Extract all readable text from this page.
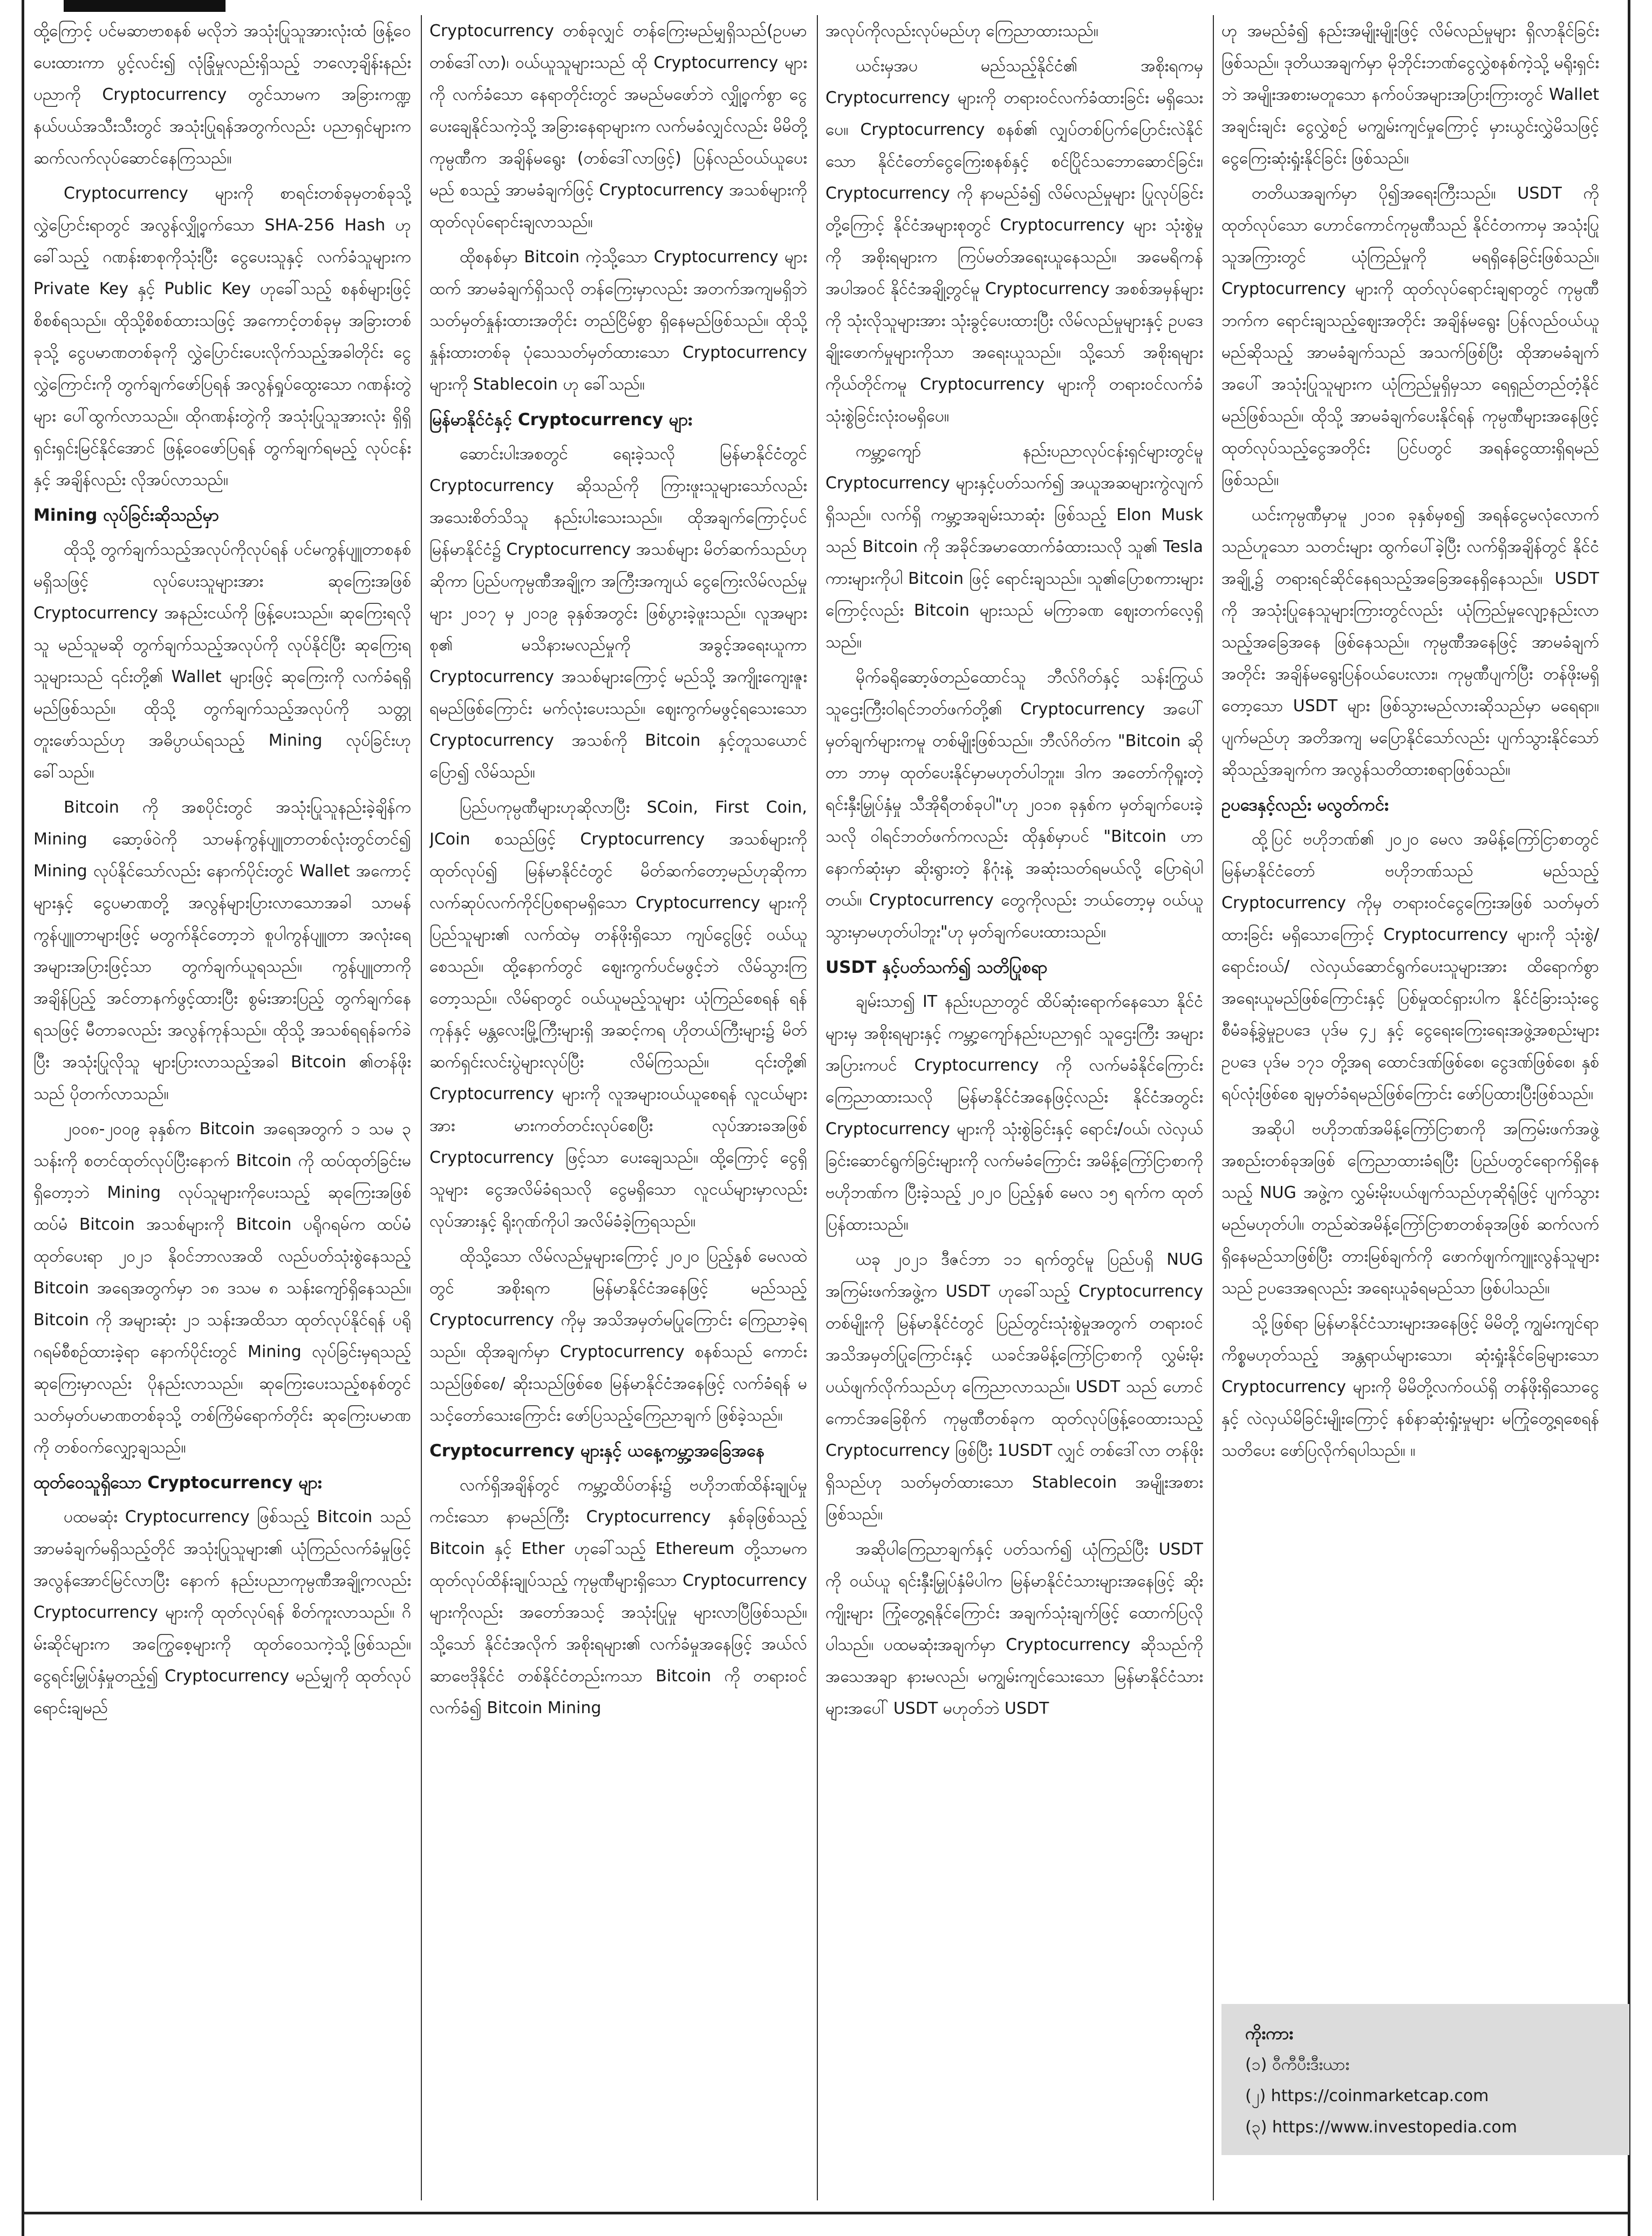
ထို့ကြောင့် ပင်မဆာဗာစနစ် မလိုဘဲ အသုံးပြုသူအားလုံးထံ ဖြန့်ဝေပေးထားကာ ပွင့်လင်း၍ လုံခြုံမှုလည်းရှိသည့် ဘလော့ချိန်းနည်းပညာကို Cryptocurrency တွင်သာမက အခြားကဏ္ဍနယ်ပယ်အသီးသီးတွင် အသုံးပြုရန်အတွက်လည်း ပညာရှင်များက ဆက်လက်လုပ်ဆောင်နေကြသည်။

Cryptocurrency များကို စာရင်းတစ်ခုမှတစ်ခုသို့ လွှဲပြောင်းရာတွင် အလွန်လျှို့ဝှက်သော SHA-256 Hash ဟုခေါ်သည့် ဂဏန်းစာစုကိုသုံးပြီး ငွေပေးသူနှင့် လက်ခံသူများက Private Key နှင့် Public Key ဟုခေါ်သည့် စနစ်များဖြင့် စိစစ်ရသည်။ ထိုသို့စိစစ်ထားသဖြင့် အကောင့်တစ်ခုမှ အခြားတစ်ခုသို့ ငွေပမာဏတစ်ခုကို လွှဲပြောင်းပေးလိုက်သည့်အခါတိုင်း ငွေလွှဲကြောင်းကို တွက်ချက်ဖော်ပြရန် အလွန်ရှုပ်ထွေးသော ဂဏန်းတွဲများ ပေါ်ထွက်လာသည်။ ထိုဂဏန်းတွဲကို အသုံးပြုသူအားလုံး ရှိရှိရှင်းရှင်းမြင်နိုင်အောင် ဖြန့်ဝေဖော်ပြရန် တွက်ချက်ရမည့် လုပ်ငန်းနှင့် အချိန်လည်း လိုအပ်လာသည်။

Mining လုပ်ခြင်းဆိုသည်မှာ

ထိုသို့ တွက်ချက်သည့်အလုပ်ကိုလုပ်ရန် ပင်မကွန်ပျူတာစနစ်မရှိသဖြင့် လုပ်ပေးသူများအား ဆုကြေးအဖြစ် Cryptocurrency အနည်းငယ်ကို ဖြန့်ပေးသည်။ ဆုကြေးရလိုသူ မည်သူမဆို တွက်ချက်သည့်အလုပ်ကို လုပ်နိုင်ပြီး ဆုကြေးရသူများသည် ၎င်းတို့၏ Wallet များဖြင့် ဆုကြေးကို လက်ခံရရှိမည်ဖြစ်သည်။ ထိုသို့ တွက်ချက်သည့်အလုပ်ကို သတ္တုတူးဖော်သည်ဟု အဓိပ္ပာယ်ရသည့် Mining လုပ်ခြင်းဟု ခေါ်သည်။

Bitcoin ကို အစပိုင်းတွင် အသုံးပြုသူနည်းခဲ့ချိန်က Mining ဆော့ဖ်ဝဲကို သာမန်ကွန်ပျူတာတစ်လုံးတွင်တင်၍ Mining လုပ်နိုင်သော်လည်း နောက်ပိုင်းတွင် Wallet အကောင့်များနှင့် ငွေပမာဏတို့ အလွန်များပြားလာသောအခါ သာမန်ကွန်ပျူတာများဖြင့် မတွက်နိုင်တော့ဘဲ စူပါကွန်ပျူတာ အလုံးရေ အများအပြားဖြင့်သာ တွက်ချက်ယူရသည်။ ကွန်ပျူတာကို အချိန်ပြည့် အင်တာနက်ဖွင့်ထားပြီး စွမ်းအားပြည့် တွက်ချက်နေရသဖြင့် မီတာခလည်း အလွန်ကုန်သည်။ ထိုသို့ အသစ်ရရန်ခက်ခဲပြီး အသုံးပြုလိုသူ များပြားလာသည့်အခါ Bitcoin ၏တန်ဖိုးသည် ပိုတက်လာသည်။

၂၀၀၈-၂၀၀၉ ခုနှစ်က Bitcoin အရေအတွက် ၁ သမ ၃ သန်းကို စတင်ထုတ်လုပ်ပြီးနောက် Bitcoin ကို ထပ်ထုတ်ခြင်းမရှိတော့ဘဲ Mining လုပ်သူများကိုပေးသည့် ဆုကြေးအဖြစ် ထပ်မံ Bitcoin အသစ်များကို Bitcoin ပရိုဂရမ်က ထပ်မံထုတ်ပေးရာ ၂၀၂၁ နိုဝင်ဘာလအထိ လည်ပတ်သုံးစွဲနေသည့် Bitcoin အရေအတွက်မှာ ၁၈ ဒသမ ၈ သန်းကျော်ရှိနေသည်။ Bitcoin ကို အများဆုံး ၂၁ သန်းအထိသာ ထုတ်လုပ်နိုင်ရန် ပရိုဂရမ်စီစဉ်ထားခဲ့ရာ နောက်ပိုင်းတွင် Mining လုပ်ခြင်းမှရသည့် ဆုကြေးမှာလည်း ပိုနည်းလာသည်။ ဆုကြေးပေးသည့်စနစ်တွင် သတ်မှတ်ပမာဏတစ်ခုသို့ တစ်ကြိမ်ရောက်တိုင်း ဆုကြေးပမာဏကို တစ်ဝက်လျှော့ချသည်။

ထုတ်ဝေသူရှိသော Cryptocurrency များ

ပထမဆုံး Cryptocurrency ဖြစ်သည့် Bitcoin သည် အာမခံချက်မရှိသည့်တိုင် အသုံးပြုသူများ၏ ယုံကြည်လက်ခံမှုဖြင့် အလွန်အောင်မြင်လာပြီး နောက် နည်းပညာကုမ္ပဏီအချို့ကလည်း Cryptocurrency များကို ထုတ်လုပ်ရန် စိတ်ကူးလာသည်။ ဂိမ်းဆိုင်များက အကြွေစေ့များကို ထုတ်ဝေသကဲ့သို့ဖြစ်သည်။ ငွေရင်းမြှုပ်နှံမှုတည့်၍ Cryptocurrency မည်မျှကို ထုတ်လုပ်ရောင်းချမည်

Cryptocurrency တစ်ခုလျှင် တန်ကြေးမည်မျှရှိသည်(ဥပမာ တစ်ဒေါ်လာ)၊ ဝယ်ယူသူများသည် ထို Cryptocurrency များကို လက်ခံသော နေရာတိုင်းတွင် အမည်မဖော်ဘဲ လျှို့ဝှက်စွာ ငွေပေးချေနိုင်သကဲ့သို့ အခြားနေရာများက လက်မခံလျှင်လည်း မိမိတို့ကုမ္ပဏီက အချိန်မရွေး (တစ်ဒေါ်လာဖြင့်) ပြန်လည်ဝယ်ယူပေးမည် စသည့် အာမခံချက်ဖြင့် Cryptocurrency အသစ်များကို ထုတ်လုပ်ရောင်းချလာသည်။

ထိုစနစ်မှာ Bitcoin ကဲ့သို့သော Cryptocurrency များထက် အာမခံချက်ရှိသလို တန်ကြေးမှာလည်း အတက်အကျမရှိဘဲ သတ်မှတ်နှုန်းထားအတိုင်း တည်ငြိမ်စွာ ရှိနေမည်ဖြစ်သည်။ ထိုသို့ နှုန်းထားတစ်ခု ပုံသေသတ်မှတ်ထားသော Cryptocurrency များကို Stablecoin ဟု ခေါ်သည်။

မြန်မာနိုင်ငံနှင့် Cryptocurrency များ

ဆောင်းပါးအစတွင် ရေးခဲ့သလို မြန်မာနိုင်ငံတွင် Cryptocurrency ဆိုသည်ကို ကြားဖူးသူများသော်လည်း အသေးစိတ်သိသူ နည်းပါးသေးသည်။ ထိုအချက်ကြောင့်ပင် မြန်မာနိုင်ငံ၌ Cryptocurrency အသစ်များ မိတ်ဆက်သည်ဟုဆိုကာ ပြည်ပကုမ္ပဏီအချို့က အကြီးအကျယ် ငွေကြေးလိမ်လည်မှုများ ၂၀၁၇ မှ ၂၀၁၉ ခုနှစ်အတွင်း ဖြစ်ပွားခဲ့ဖူးသည်။ လူအများစု၏ မသိနားမလည်မှုကို အခွင့်အရေးယူကာ Cryptocurrency အသစ်များကြောင့် မည်သို့ အကျိုးကျေးဇူးရမည်ဖြစ်ကြောင်း မက်လုံးပေးသည်။ ဈေးကွက်မဖွင့်ရသေးသော Cryptocurrency အသစ်ကို Bitcoin နှင့်တူသယောင်ပြော၍ လိမ်သည်။

ပြည်ပကုမ္ပဏီများဟုဆိုလာပြီး SCoin, First Coin, JCoin စသည်ဖြင့် Cryptocurrency အသစ်များကို ထုတ်လုပ်၍ မြန်မာနိုင်ငံတွင် မိတ်ဆက်တော့မည်ဟုဆိုကာ လက်ဆုပ်လက်ကိုင်ပြစရာမရှိသော Cryptocurrency များကို ပြည်သူများ၏ လက်ထဲမှ တန်ဖိုးရှိသော ကျပ်ငွေဖြင့် ဝယ်ယူစေသည်။ ထို့နောက်တွင် ဈေးကွက်ပင်မဖွင့်ဘဲ လိမ်သွားကြတော့သည်။ လိမ်ရာတွင် ဝယ်ယူမည့်သူများ ယုံကြည်စေရန် ရန်ကုန်နှင့် မန္တလေးမြို့ကြီးများရှိ အဆင့်ကရ ဟိုတယ်ကြီးများ၌ မိတ်ဆက်ရှင်းလင်းပွဲများလုပ်ပြီး လိမ်ကြသည်။ ၎င်းတို့၏ Cryptocurrency များကို လူအများဝယ်ယူစေရန် လူငယ်များအား မားကတ်တင်းလုပ်စေပြီး လုပ်အားခအဖြစ် Cryptocurrency ဖြင့်သာ ပေးချေသည်။ ထို့ကြောင့် ငွေရှိသူများ ငွေအလိမ်ခံရသလို ငွေမရှိသော လူငယ်များမှာလည်း လုပ်အားနှင့် ရိုးဂုဏ်ကိုပါ အလိမ်ခံခဲ့ကြရသည်။

ထိုသို့သော လိမ်လည်မှုများကြောင့် ၂၀၂၀ ပြည့်နှစ် မေလထဲတွင် အစိုးရက မြန်မာနိုင်ငံအနေဖြင့် မည်သည့် Cryptocurrency ကိုမှ အသိအမှတ်မပြုကြောင်း ကြေညာခဲ့ရသည်။ ထိုအချက်မှာ Cryptocurrency စနစ်သည် ကောင်းသည်ဖြစ်စေ/ ဆိုးသည်ဖြစ်စေ မြန်မာနိုင်ငံအနေဖြင့် လက်ခံရန် မသင့်တော်သေးကြောင်း ဖော်ပြသည့်ကြေညာချက် ဖြစ်ခဲ့သည်။

Cryptocurrency များနှင့် ယနေ့ကမ္ဘာ့အခြေအနေ

လက်ရှိအချိန်တွင် ကမ္ဘာ့ထိပ်တန်း၌ ဗဟိုဘဏ်ထိန်းချုပ်မှုကင်းသော နာမည်ကြီး Cryptocurrency နှစ်ခုဖြစ်သည့် Bitcoin နှင့် Ether ဟုခေါ်သည့် Ethereum တို့သာမက ထုတ်လုပ်ထိန်းချုပ်သည့် ကုမ္ပဏီများရှိသော Cryptocurrency များကိုလည်း အတော်အသင့် အသုံးပြုမှု များလာပြီဖြစ်သည်။ သို့သော် နိုင်ငံအလိုက် အစိုးရများ၏ လက်ခံမှုအနေဖြင့် အယ်လ်ဆာဗေဒိုနိုင်ငံ တစ်နိုင်ငံတည်းကသာ Bitcoin ကို တရားဝင်လက်ခံ၍ Bitcoin Mining

အလုပ်ကိုလည်းလုပ်မည်ဟု ကြေညာထားသည်။

ယင်းမှအပ မည်သည့်နိုင်ငံ၏ အစိုးရကမှ Cryptocurrency များကို တရားဝင်လက်ခံထားခြင်း မရှိသေးပေ။ Cryptocurrency စနစ်၏ လျှပ်တစ်ပြက်ပြောင်းလဲနိုင်သော နိုင်ငံတော်ငွေကြေးစနစ်နှင့် စင်ပြိုင်သဘောဆောင်ခြင်း၊ Cryptocurrency ကို နာမည်ခံ၍ လိမ်လည်မှုများ ပြုလုပ်ခြင်းတို့ကြောင့် နိုင်ငံအများစုတွင် Cryptocurrency များ သုံးစွဲမှုကို အစိုးရများက ကြပ်မတ်အရေးယူနေသည်။ အမေရိကန်အပါအဝင် နိုင်ငံအချို့တွင်မူ Cryptocurrency အစစ်အမှန်များကို သုံးလိုသူများအား သုံးခွင့်ပေးထားပြီး လိမ်လည်မှုများနှင့် ဥပဒေချိုးဖောက်မှုများကိုသာ အရေးယူသည်။ သို့သော် အစိုးရများကိုယ်တိုင်ကမူ Cryptocurrency များကို တရားဝင်လက်ခံသုံးစွဲခြင်းလုံးဝမရှိပေ။

ကမ္ဘာ့ကျော် နည်းပညာလုပ်ငန်းရှင်များတွင်မူ Cryptocurrency များနှင့်ပတ်သက်၍ အယူအဆများကွဲလျက်ရှိသည်။ လက်ရှိ ကမ္ဘာ့အချမ်းသာဆုံး ဖြစ်သည့် Elon Musk သည် Bitcoin ကို အခိုင်အမာထောက်ခံထားသလို သူ၏ Tesla ကားများကိုပါ Bitcoin ဖြင့် ရောင်းချသည်။ သူ၏ပြောစကားများကြောင့်လည်း Bitcoin များသည် မကြာခဏ ဈေးတက်လေ့ရှိသည်။

မိုက်ခရိုဆော့ဖ်တည်ထောင်သူ ဘီလ်ဂိတ်နှင့် သန်းကြွယ်သူဌေးကြီးဝါရင်ဘတ်ဖက်တို့၏ Cryptocurrency အပေါ် မှတ်ချက်များကမူ တစ်မျိုးဖြစ်သည်။ ဘီလ်ဂိတ်က "Bitcoin ဆိုတာ ဘာမှ ထုတ်ပေးနိုင်မှာမဟုတ်ပါဘူး။ ဒါက အတော်ကိုရူးတဲ့ ရင်းနှီးမြှုပ်နှံမှု သီအိုရီတစ်ခုပါ"ဟု ၂၀၁၈ ခုနှစ်က မှတ်ချက်ပေးခဲ့သလို ဝါရင်ဘတ်ဖက်ကလည်း ထိုနှစ်မှာပင် "Bitcoin ဟာ နောက်ဆုံးမှာ ဆိုးရွားတဲ့ နိဂုံးနဲ့ အဆုံးသတ်ရမယ်လို့ ပြောရဲပါတယ်။ Cryptocurrency တွေကိုလည်း ဘယ်တော့မှ ဝယ်ယူသွားမှာမဟုတ်ပါဘူး"ဟု မှတ်ချက်ပေးထားသည်။

USDT နှင့်ပတ်သက်၍ သတိပြုစရာ

ချမ်းသာ၍ IT နည်းပညာတွင် ထိပ်ဆုံးရောက်နေသော နိုင်ငံများမှ အစိုးရများနှင့် ကမ္ဘာ့ကျော်နည်းပညာရှင် သူဌေးကြီး အများအပြားကပင် Cryptocurrency ကို လက်မခံနိုင်ကြောင်း ကြေညာထားသလို မြန်မာနိုင်ငံအနေဖြင့်လည်း နိုင်ငံအတွင်း Cryptocurrency များကို သုံးစွဲခြင်းနှင့် ရောင်း/ဝယ်၊ လဲလှယ်ခြင်းဆောင်ရွက်ခြင်းများကို လက်မခံကြောင်း အမိန့်ကြော်ငြာစာကို ဗဟိုဘဏ်က ပြီးခဲ့သည့် ၂၀၂၀ ပြည့်နှစ် မေလ ၁၅ ရက်က ထုတ်ပြန်ထားသည်။

ယခု ၂၀၂၁ ဒီဇင်ဘာ ၁၁ ရက်တွင်မူ ပြည်ပရှိ NUG အကြမ်းဖက်အဖွဲ့က USDT ဟုခေါ်သည့် Cryptocurrency တစ်မျိုးကို မြန်မာနိုင်ငံတွင် ပြည်တွင်းသုံးစွဲမှုအတွက် တရားဝင် အသိအမှတ်ပြုကြောင်းနှင့် ယခင်အမိန့်ကြော်ငြာစာကို လွှမ်းမိုးပယ်ဖျက်လိုက်သည်ဟု ကြေညာလာသည်။ USDT သည် ဟောင်ကောင်အခြေစိုက် ကုမ္ပဏီတစ်ခုက ထုတ်လုပ်ဖြန့်ဝေထားသည့် Cryptocurrency ဖြစ်ပြီး 1USDT လျှင် တစ်ဒေါ်လာ တန်ဖိုးရှိသည်ဟု သတ်မှတ်ထားသော Stablecoin အမျိုးအစားဖြစ်သည်။

အဆိုပါကြေညာချက်နှင့် ပတ်သက်၍ ယုံကြည်ပြီး USDT ကို ဝယ်ယူ ရင်းနှီးမြှုပ်နှံမိပါက မြန်မာနိုင်ငံသားများအနေဖြင့် ဆိုးကျိုးများ ကြုံတွေ့ရနိုင်ကြောင်း အချက်သုံးချက်ဖြင့် ထောက်ပြလိုပါသည်။ ပထမဆုံးအချက်မှာ Cryptocurrency ဆိုသည်ကို အသေအချာ နားမလည်၊ မကျွမ်းကျင်သေးသော မြန်မာနိုင်ငံသားများအပေါ် USDT မဟုတ်ဘဲ USDT

ဟု အမည်ခံ၍ နည်းအမျိုးမျိုးဖြင့် လိမ်လည်မှုများ ရှိလာနိုင်ခြင်းဖြစ်သည်။ ဒုတိယအချက်မှာ မိုဘိုင်းဘဏ်ငွေလွှဲစနစ်ကဲ့သို့ မရိုးရှင်းဘဲ အမျိုးအစားမတူသော နက်ဝပ်အများအပြားကြားတွင် Wallet အချင်းချင်း ငွေလွှဲစဉ် မကျွမ်းကျင်မှုကြောင့် မှားယွင်းလွှဲမိသဖြင့် ငွေကြေးဆုံးရှုံးနိုင်ခြင်း ဖြစ်သည်။

တတိယအချက်မှာ ပို၍အရေးကြီးသည်။ USDT ကို ထုတ်လုပ်သော ဟောင်ကောင်ကုမ္ပဏီသည် နိုင်ငံတကာမှ အသုံးပြုသူအကြားတွင် ယုံကြည်မှုကို မရရှိနေခြင်းဖြစ်သည်။ Cryptocurrency များကို ထုတ်လုပ်ရောင်းချရာတွင် ကုမ္ပဏီဘက်က ရောင်းချသည့်ဈေးအတိုင်း အချိန်မရွေး ပြန်လည်ဝယ်ယူမည်ဆိုသည့် အာမခံချက်သည် အသက်ဖြစ်ပြီး ထိုအာမခံချက်အပေါ် အသုံးပြုသူများက ယုံကြည်မှုရှိမှသာ ရေရှည်တည်တံ့နိုင်မည်ဖြစ်သည်။ ထိုသို့ အာမခံချက်ပေးနိုင်ရန် ကုမ္ပဏီများအနေဖြင့် ထုတ်လုပ်သည့်ငွေအတိုင်း ပြင်ပတွင် အရန်ငွေထားရှိရမည်ဖြစ်သည်။

ယင်းကုမ္ပဏီမှာမူ ၂၀၁၈ ခုနှစ်မှစ၍ အရန်ငွေမလုံလောက်သည်ဟူသော သတင်းများ ထွက်ပေါ်ခဲ့ပြီး လက်ရှိအချိန်တွင် နိုင်ငံအချို့၌ တရားရင်ဆိုင်နေရသည့်အခြေအနေရှိနေသည်။ USDT ကို အသုံးပြုနေသူများကြားတွင်လည်း ယုံကြည်မှုလျော့နည်းလာသည့်အခြေအနေ ဖြစ်နေသည်။ ကုမ္ပဏီအနေဖြင့် အာမခံချက်အတိုင်း အချိန်မရွေးပြန်ဝယ်ပေးလား၊ ကုမ္ပဏီပျက်ပြီး တန်ဖိုးမရှိတော့သော USDT များ ဖြစ်သွားမည်လားဆိုသည်မှာ မရေရာ။ ပျက်မည်ဟု အတိအကျ မပြောနိုင်သော်လည်း ပျက်သွားနိုင်သော်ဆိုသည့်အချက်က အလွန်သတိထားစရာဖြစ်သည်။

ဥပဒေနှင့်လည်း မလွတ်ကင်း

ထို့ပြင် ဗဟိုဘဏ်၏ ၂၀၂၀ မေလ အမိန့်ကြော်ငြာစာတွင် မြန်မာနိုင်ငံတော် ဗဟိုဘဏ်သည် မည်သည့် Cryptocurrency ကိုမှ တရားဝင်ငွေကြေးအဖြစ် သတ်မှတ်ထားခြင်း မရှိသောကြောင့် Cryptocurrency များကို သုံးစွဲ/ ရောင်းဝယ်/ လဲလှယ်ဆောင်ရွက်ပေးသူများအား ထိရောက်စွာ အရေးယူမည်ဖြစ်ကြောင်းနှင့် ပြစ်မှုထင်ရှားပါက နိုင်ငံခြားသုံးငွေစီမံခန့်ခွဲမှုဥပဒေ ပုဒ်မ ၄၂ နှင့် ငွေရေးကြေးရေးအဖွဲ့အစည်းများဥပဒေ ပုဒ်မ ၁၇၁ တို့အရ ထောင်ဒဏ်ဖြစ်စေ၊ ငွေဒဏ်ဖြစ်စေ၊ နှစ်ရပ်လုံးဖြစ်စေ ချမှတ်ခံရမည်ဖြစ်ကြောင်း ဖော်ပြထားပြီးဖြစ်သည်။

အဆိုပါ ဗဟိုဘဏ်အမိန့်ကြော်ငြာစာကို အကြမ်းဖက်အဖွဲ့အစည်းတစ်ခုအဖြစ် ကြေညာထားခံရပြီး ပြည်ပတွင်ရောက်ရှိနေသည့် NUG အဖွဲ့က လွှမ်းမိုးပယ်ဖျက်သည်ဟုဆိုရုံဖြင့် ပျက်သွားမည်မဟုတ်ပါ။ တည်ဆဲအမိန့်ကြော်ငြာစာတစ်ခုအဖြစ် ဆက်လက်ရှိနေမည်သာဖြစ်ပြီး တားမြစ်ချက်ကို ဖောက်ဖျက်ကျူးလွန်သူများသည် ဥပဒေအရလည်း အရေးယူခံရမည်သာ ဖြစ်ပါသည်။

သို့ဖြစ်ရာ မြန်မာနိုင်ငံသားများအနေဖြင့် မိမိတို့ ကျွမ်းကျင်ရာကိစ္စမဟုတ်သည့် အန္တရာယ်များသော၊ ဆုံးရှုံးနိုင်ခြေများသော Cryptocurrency များကို မိမိတို့လက်ဝယ်ရှိ တန်ဖိုးရှိသောငွေနှင့် လဲလှယ်မိခြင်းမျိုးကြောင့် နစ်နာဆုံးရှုံးမှုများ မကြုံတွေ့ရစေရန် သတိပေး ဖော်ပြလိုက်ရပါသည်။ ။

ကိုးကား
(၁) ဝီကီပီးဒီးယား
(၂) https://coinmarketcap.com
(၃) https://www.investopedia.com
